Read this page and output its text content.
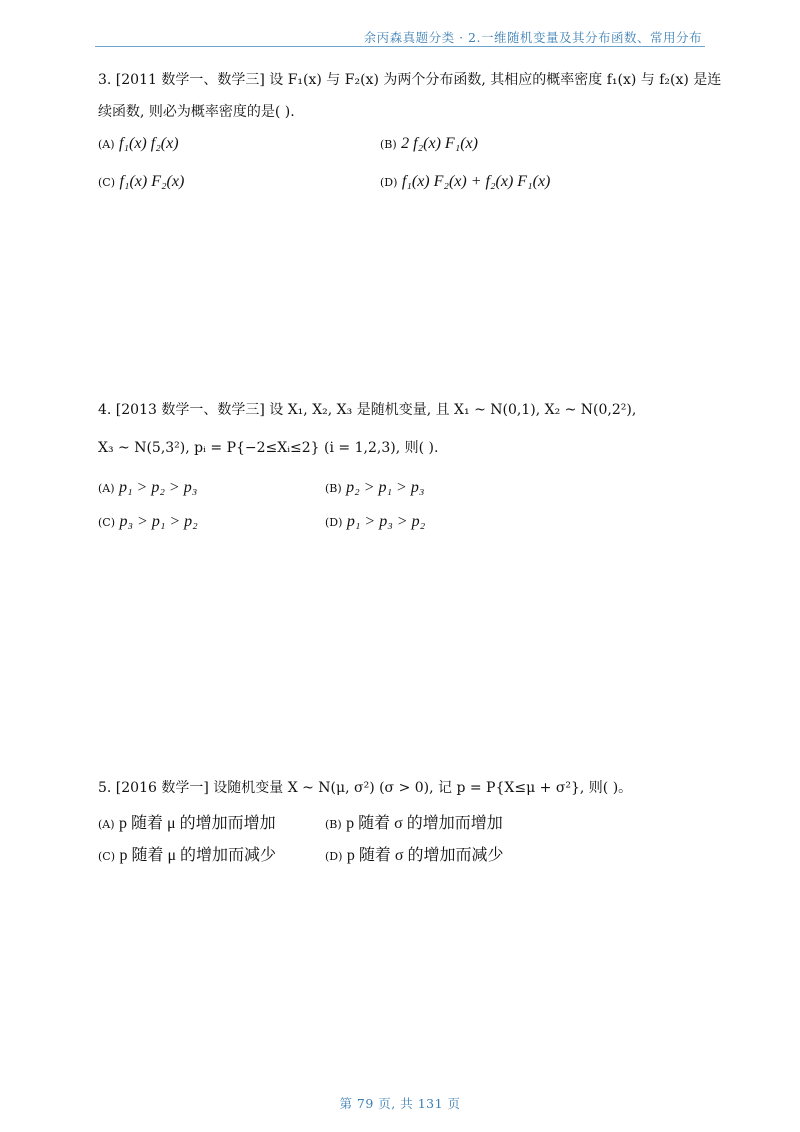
余丙森真题分类 · 2.一维随机变量及其分布函数、常用分布
3. [2011 数学一、数学三] 设 F₁(x) 与 F₂(x) 为两个分布函数, 其相应的概率密度 f₁(x) 与 f₂(x) 是连
续函数, 则必为概率密度的是( ).
(A) f₁(x) f₂(x)	(B) 2 f₂(x) F₁(x)
(C) f₁(x) F₂(x)	(D) f₁(x) F₂(x) + f₂(x) F₁(x)
4. [2013 数学一、数学三] 设 X₁, X₂, X₃ 是随机变量, 且 X₁ ~ N(0,1), X₂ ~ N(0,2²),
X₃ ~ N(5,3²), pᵢ = P{−2≤Xᵢ≤2} (i = 1,2,3), 则( ).
(A) p₁ > p₂ > p₃	(B) p₂ > p₁ > p₃
(C) p₃ > p₁ > p₂	(D) p₁ > p₃ > p₂
5. [2016 数学一] 设随机变量 X ~ N(μ, σ²) (σ > 0), 记 p = P{X≤μ + σ²}, 则( )。
(A) p 随着 μ 的增加而增加	(B) p 随着 σ 的增加而增加
(C) p 随着 μ 的增加而减少	(D) p 随着 σ 的增加而减少
第 79 页, 共 131 页
